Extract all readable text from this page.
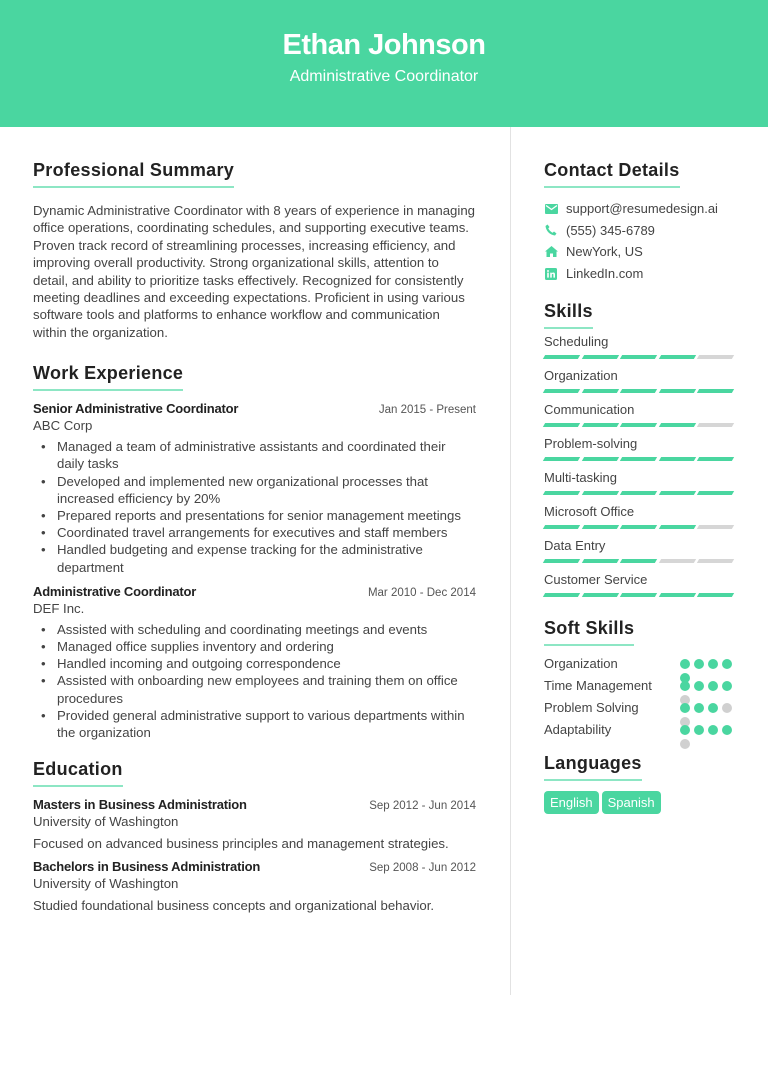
Ethan Johnson
Administrative Coordinator
Professional Summary

Dynamic Administrative Coordinator with 8 years of experience in managing office operations, coordinating schedules, and supporting executive teams. Proven track record of streamlining processes, increasing efficiency, and improving overall productivity. Strong organizational skills, attention to detail, and ability to prioritize tasks effectively. Recognized for consistently meeting deadlines and exceeding expectations. Proficient in using various software tools and platforms to enhance workflow and communication within the organization.

Work Experience
Senior Administrative Coordinator	Jan 2015 - Present
ABC Corp
• Managed a team of administrative assistants and coordinated their daily tasks
• Developed and implemented new organizational processes that increased efficiency by 20%
• Prepared reports and presentations for senior management meetings
• Coordinated travel arrangements for executives and staff members
• Handled budgeting and expense tracking for the administrative department
Administrative Coordinator	Mar 2010 - Dec 2014
DEF Inc.
• Assisted with scheduling and coordinating meetings and events
• Managed office supplies inventory and ordering
• Handled incoming and outgoing correspondence
• Assisted with onboarding new employees and training them on office procedures
• Provided general administrative support to various departments within the organization
Education
Masters in Business Administration	Sep 2012 - Jun 2014
University of Washington
Focused on advanced business principles and management strategies.
Bachelors in Business Administration	Sep 2008 - Jun 2012
University of Washington
Studied foundational business concepts and organizational behavior.
Contact Details
support@resumedesign.ai
(555) 345-6789
NewYork, US
LinkedIn.com
Skills
Scheduling
Organization
Communication
Problem-solving
Multi-tasking
Microsoft Office
Data Entry
Customer Service
Soft Skills
Organization
Time Management
Problem Solving
Adaptability
Languages
English Spanish
